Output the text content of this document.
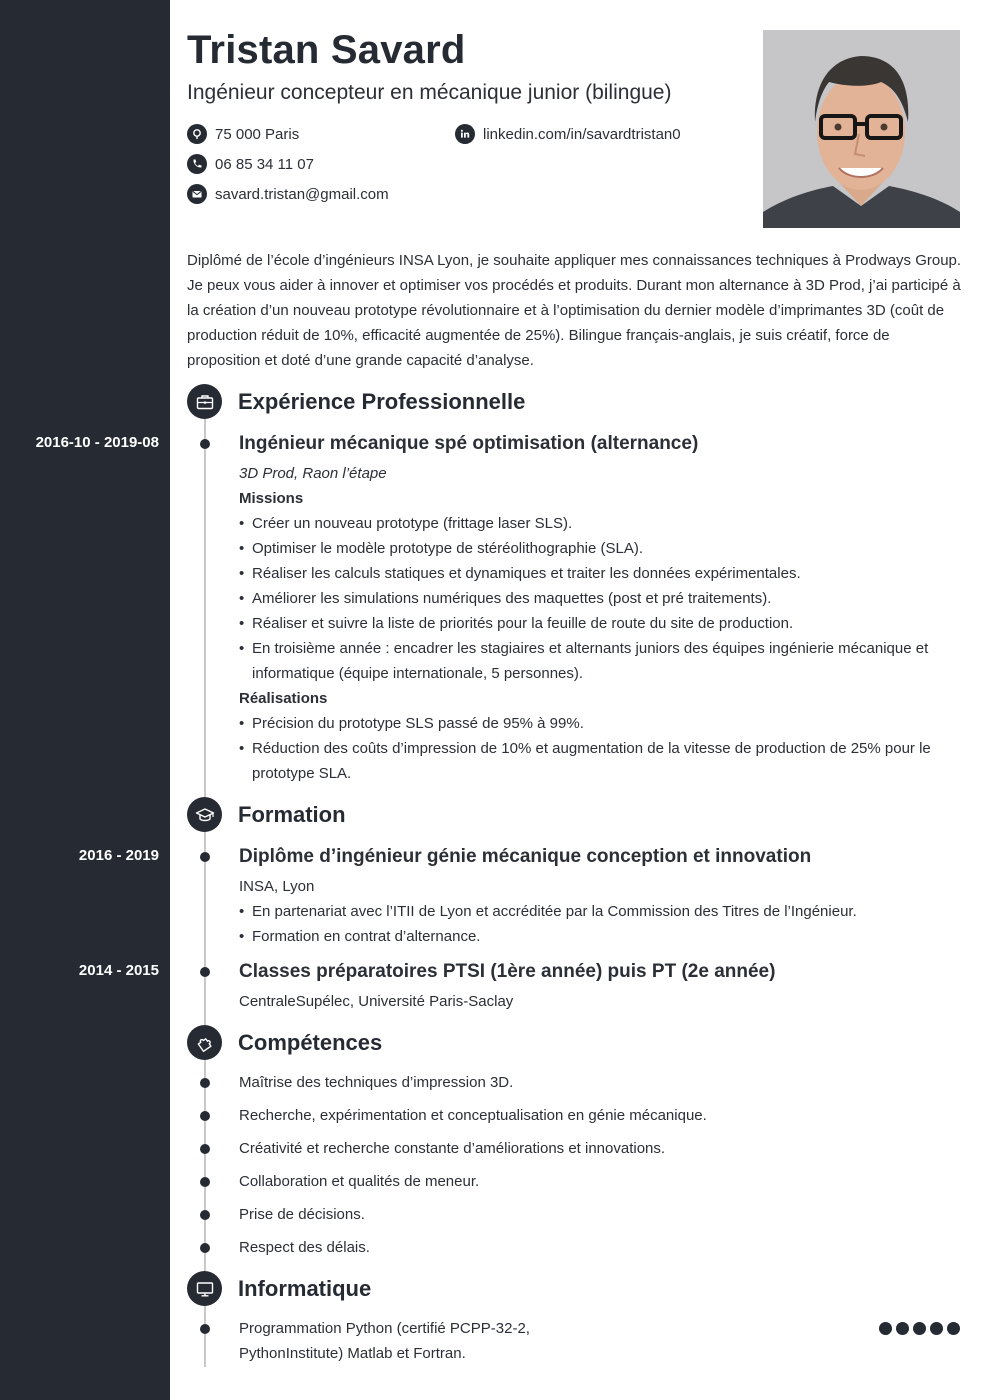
Tristan Savard
Ingénieur concepteur en mécanique junior (bilingue)
75 000 Paris
06 85 34 11 07
savard.tristan@gmail.com
linkedin.com/in/savardtristan0

Diplômé de l’école d’ingénieurs INSA Lyon, je souhaite appliquer mes connaissances techniques à Prodways Group. Je peux vous aider à innover et optimiser vos procédés et produits. Durant mon alternance à 3D Prod, j’ai participé à la création d’un nouveau prototype révolutionnaire et à l’optimisation du dernier modèle d’imprimantes 3D (coût de production réduit de 10%, efficacité augmentée de 25%). Bilingue français-anglais, je suis créatif, force de proposition et doté d’une grande capacité d’analyse.

Expérience Professionnelle
2016-10 - 2019-08	Ingénieur mécanique spé optimisation (alternance)
3D Prod, Raon l’étape
Missions
• Créer un nouveau prototype (frittage laser SLS).
• Optimiser le modèle prototype de stéréolithographie (SLA).
• Réaliser les calculs statiques et dynamiques et traiter les données expérimentales.
• Améliorer les simulations numériques des maquettes (post et pré traitements).
• Réaliser et suivre la liste de priorités pour la feuille de route du site de production.
• En troisième année : encadrer les stagiaires et alternants juniors des équipes ingénierie mécanique et informatique (équipe internationale, 5 personnes).
Réalisations
• Précision du prototype SLS passé de 95% à 99%.
• Réduction des coûts d’impression de 10% et augmentation de la vitesse de production de 25% pour le prototype SLA.
Formation
2016 - 2019	Diplôme d’ingénieur génie mécanique conception et innovation
INSA, Lyon
• En partenariat avec l’ITII de Lyon et accréditée par la Commission des Titres de l’Ingénieur.
• Formation en contrat d’alternance.
2014 - 2015	Classes préparatoires PTSI (1ère année) puis PT (2e année)
CentraleSupélec, Université Paris-Saclay
Compétences
Maîtrise des techniques d’impression 3D.
Recherche, expérimentation et conceptualisation en génie mécanique.
Créativité et recherche constante d’améliorations et innovations.
Collaboration et qualités de meneur.
Prise de décisions.
Respect des délais.
Informatique
Programmation Python (certifié PCPP-32-2,
PythonInstitute) Matlab et Fortran.
